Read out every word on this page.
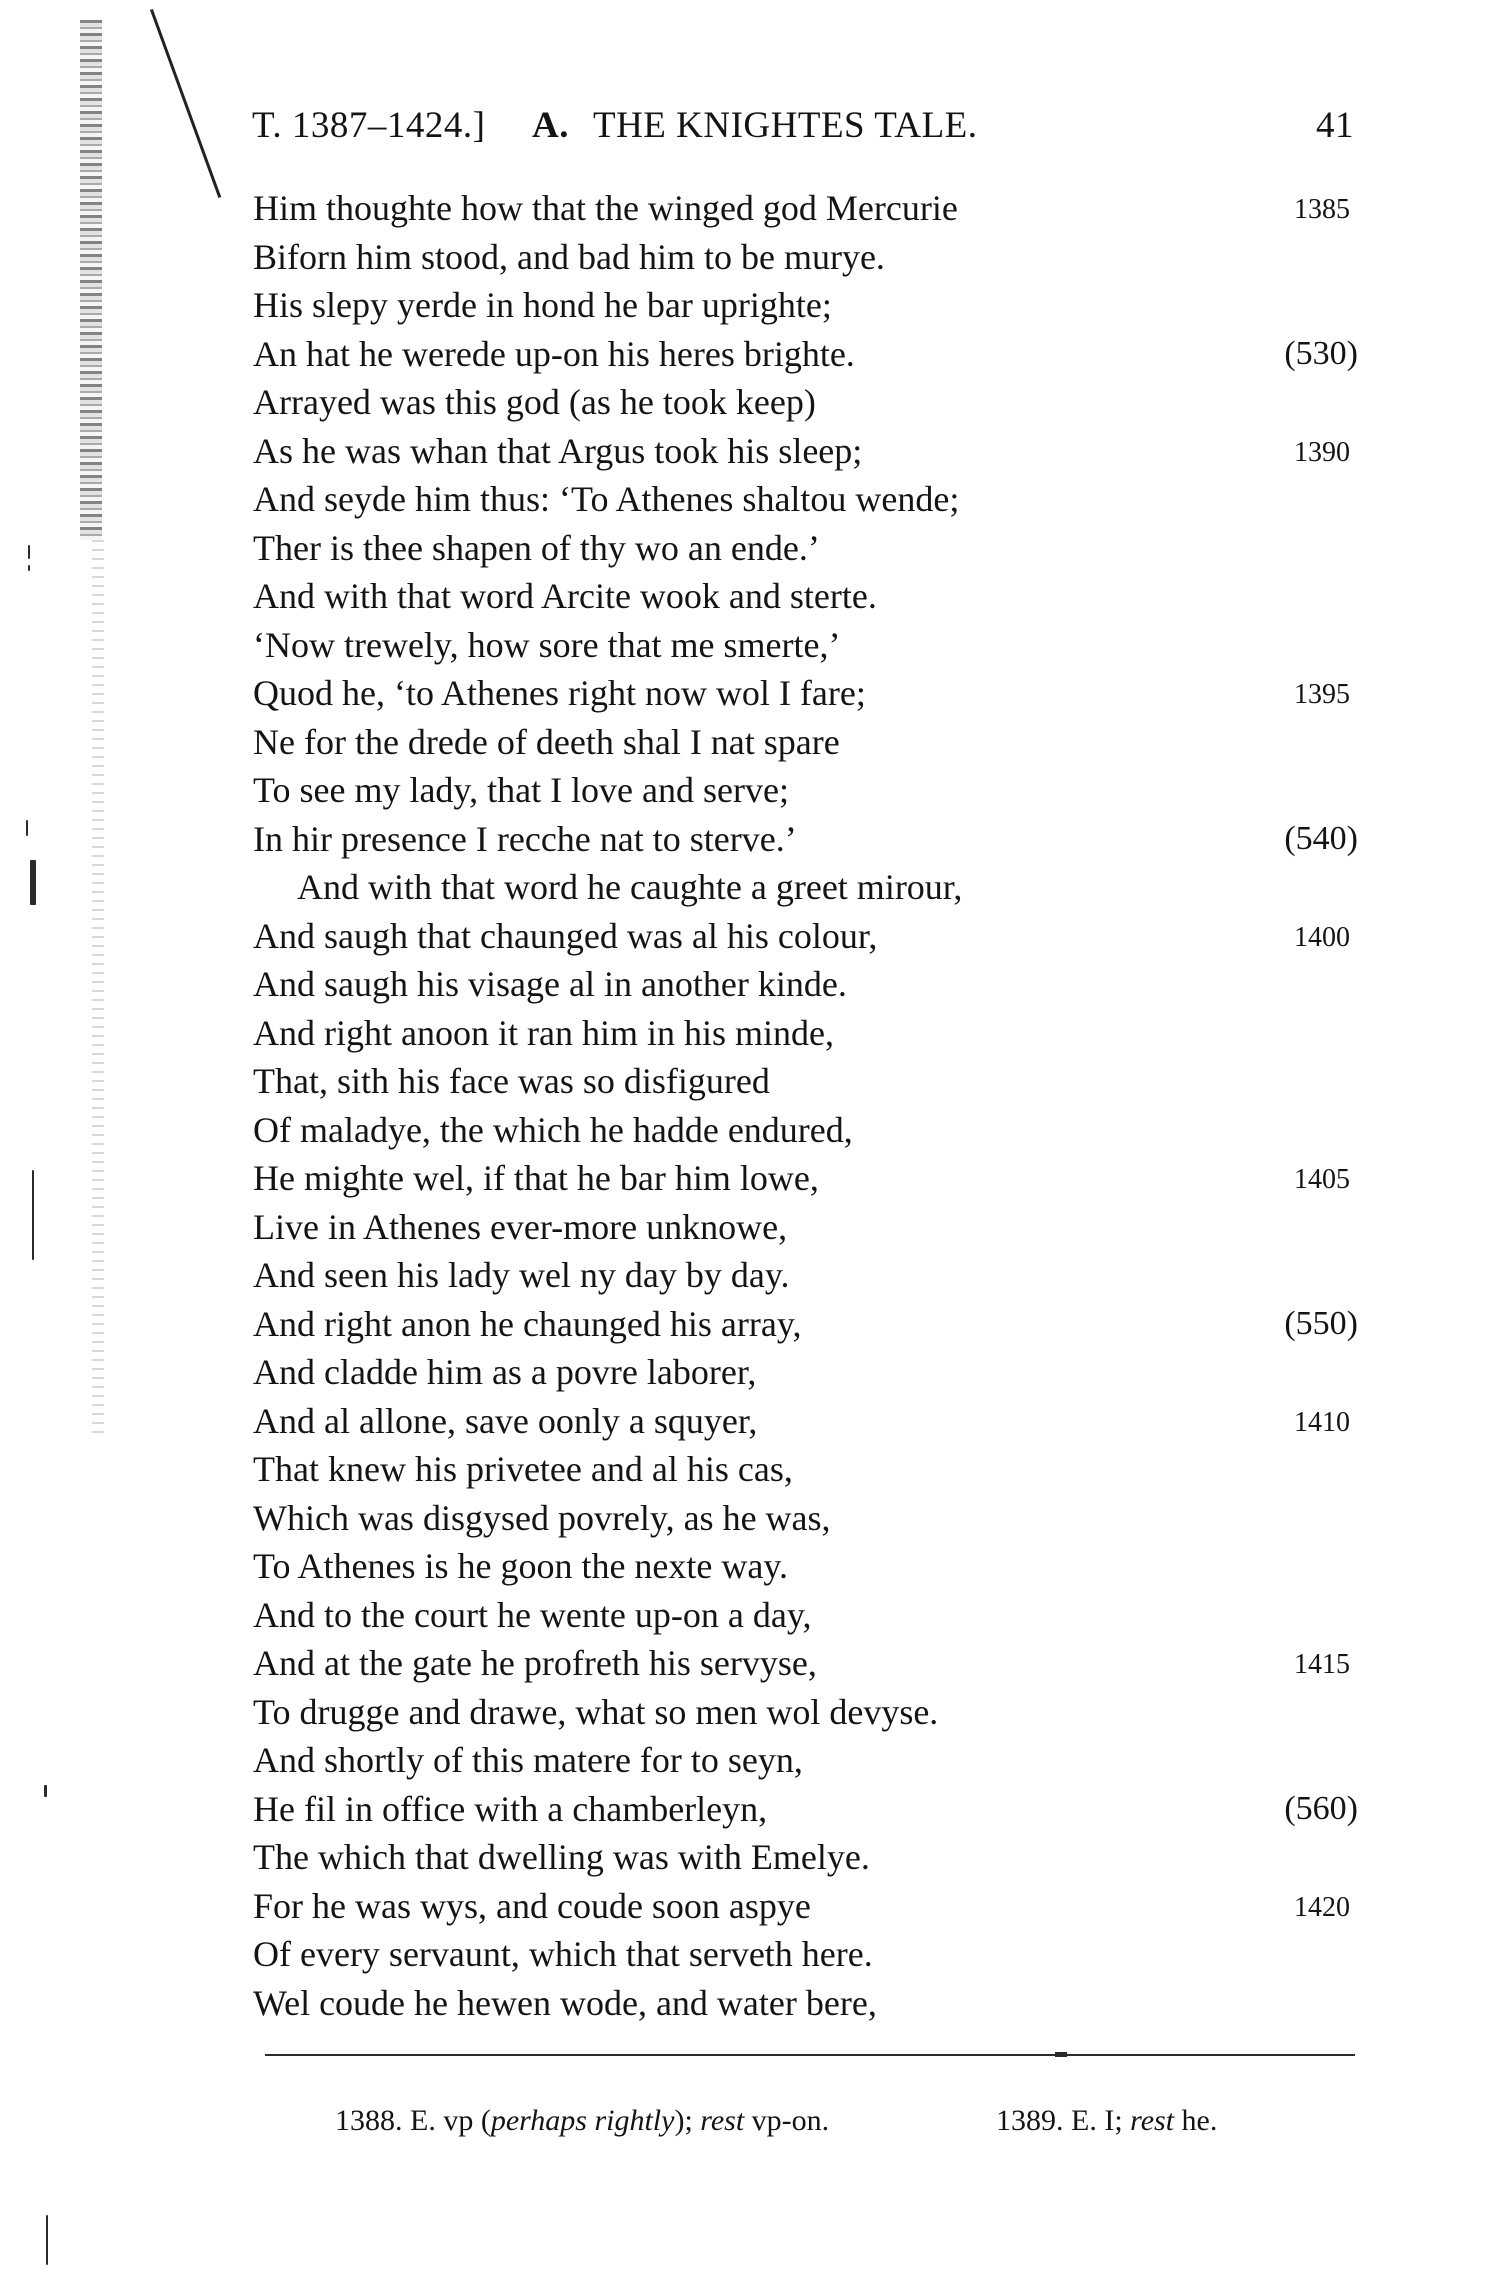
T. 1387–1424.] A. THE KNIGHTES TALE.	41
Him thoughte how that the winged god Mercurie	1385
Biforn him stood, and bad him to be murye.
His slepy yerde in hond he bar uprighte;
An hat he werede up-on his heres brighte.	(530)
Arrayed was this god (as he took keep)
As he was whan that Argus took his sleep;	1390
And seyde him thus: ‘To Athenes shaltou wende;
Ther is thee shapen of thy wo an ende.’
And with that word Arcite wook and sterte.
‘Now trewely, how sore that me smerte,’
Quod he, ‘to Athenes right now wol I fare;	1395
Ne for the drede of deeth shal I nat spare
To see my lady, that I love and serve;
In hir presence I recche nat to sterve.’	(540)
And with that word he caughte a greet mirour,
And saugh that chaunged was al his colour,	1400
And saugh his visage al in another kinde.
And right anoon it ran him in his minde,
That, sith his face was so disfigured
Of maladye, the which he hadde endured,
He mighte wel, if that he bar him lowe,	1405
Live in Athenes ever-more unknowe,
And seen his lady wel ny day by day.
And right anon he chaunged his array,	(550)
And cladde him as a povre laborer,
And al allone, save oonly a squyer,	1410
That knew his privetee and al his cas,
Which was disgysed povrely, as he was,
To Athenes is he goon the nexte way.
And to the court he wente up-on a day,
And at the gate he profreth his servyse,	1415
To drugge and drawe, what so men wol devyse.
And shortly of this matere for to seyn,
He fil in office with a chamberleyn,	(560)
The which that dwelling was with Emelye.
For he was wys, and coude soon aspye	1420
Of every servaunt, which that serveth here.
Wel coude he hewen wode, and water bere,
1388. E. vp (perhaps rightly); rest vp-on.	1389. E. I; rest he.
